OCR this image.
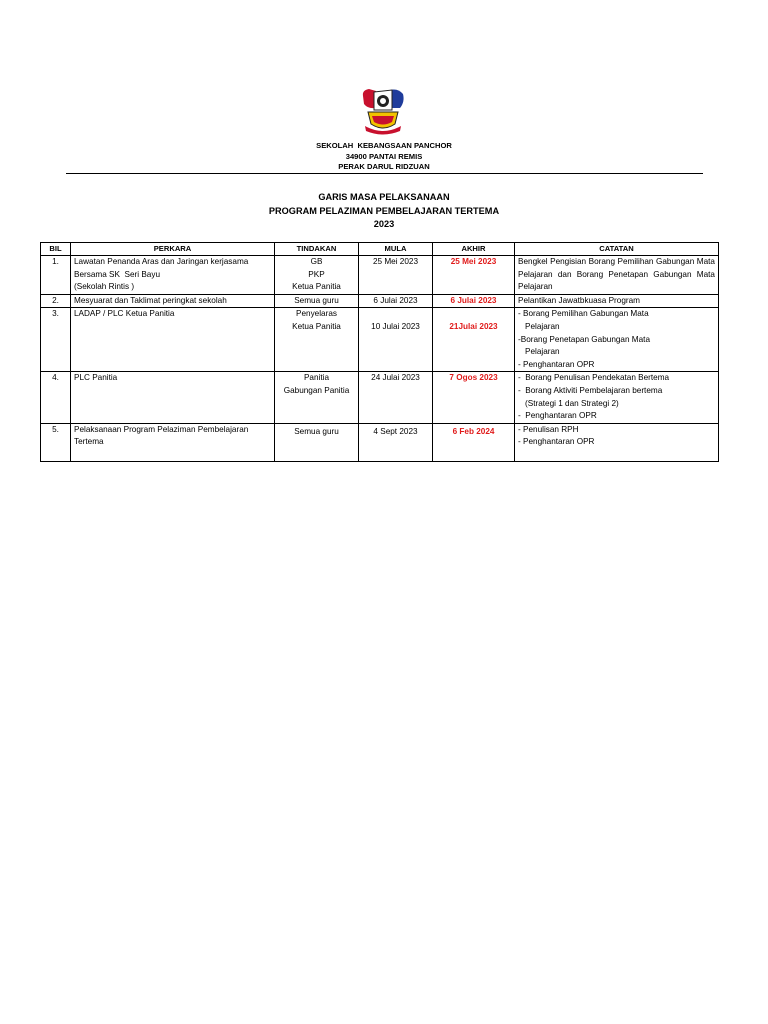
SEKOLAH  KEBANGSAAN PANCHOR
34900 PANTAI REMIS
PERAK DARUL RIDZUAN
GARIS MASA PELAKSANAAN
PROGRAM PELAZIMAN PEMBELAJARAN TERTEMA
2023
BIL	PERKARA	TINDAKAN	MULA	AKHIR	CATATAN
1.	Lawatan Penanda Aras dan Jaringan kerjasama
Bersama SK  Seri Bayu
(Sekolah Rintis )	GB
PKP
Ketua Panitia	25 Mei 2023	25 Mei 2023	Bengkel Pengisian Borang Pemilihan Gabungan Mata Pelajaran dan Borang Penetapan Gabungan Mata Pelajaran
2.	Mesyuarat dan Taklimat peringkat sekolah	Semua guru	6 Julai 2023	6 Julai 2023	Pelantikan Jawatbkuasa Program

3.	LADAP / PLC Ketua Panitia	Penyelaras
Ketua Panitia	10 Julai 2023	21Julai 2023	- Borang Pemilihan Gabungan Mata
Pelajaran
-Borang Penetapan Gabungan Mata
Pelajaran
- Penghantaran OPR

4.	PLC Panitia	Panitia
Gabungan Panitia	24 Julai 2023	7 Ogos 2023	-  Borang Penulisan Pendekatan Bertema
-  Borang Aktiviti Pembelajaran bertema
(Strategi 1 dan Strategi 2)
-  Penghantaran OPR

5.	Pelaksanaan Program Pelaziman Pembelajaran
Tertema	Semua guru	4 Sept 2023	6 Feb 2024	- Penulisan RPH
- Penghantaran OPR
